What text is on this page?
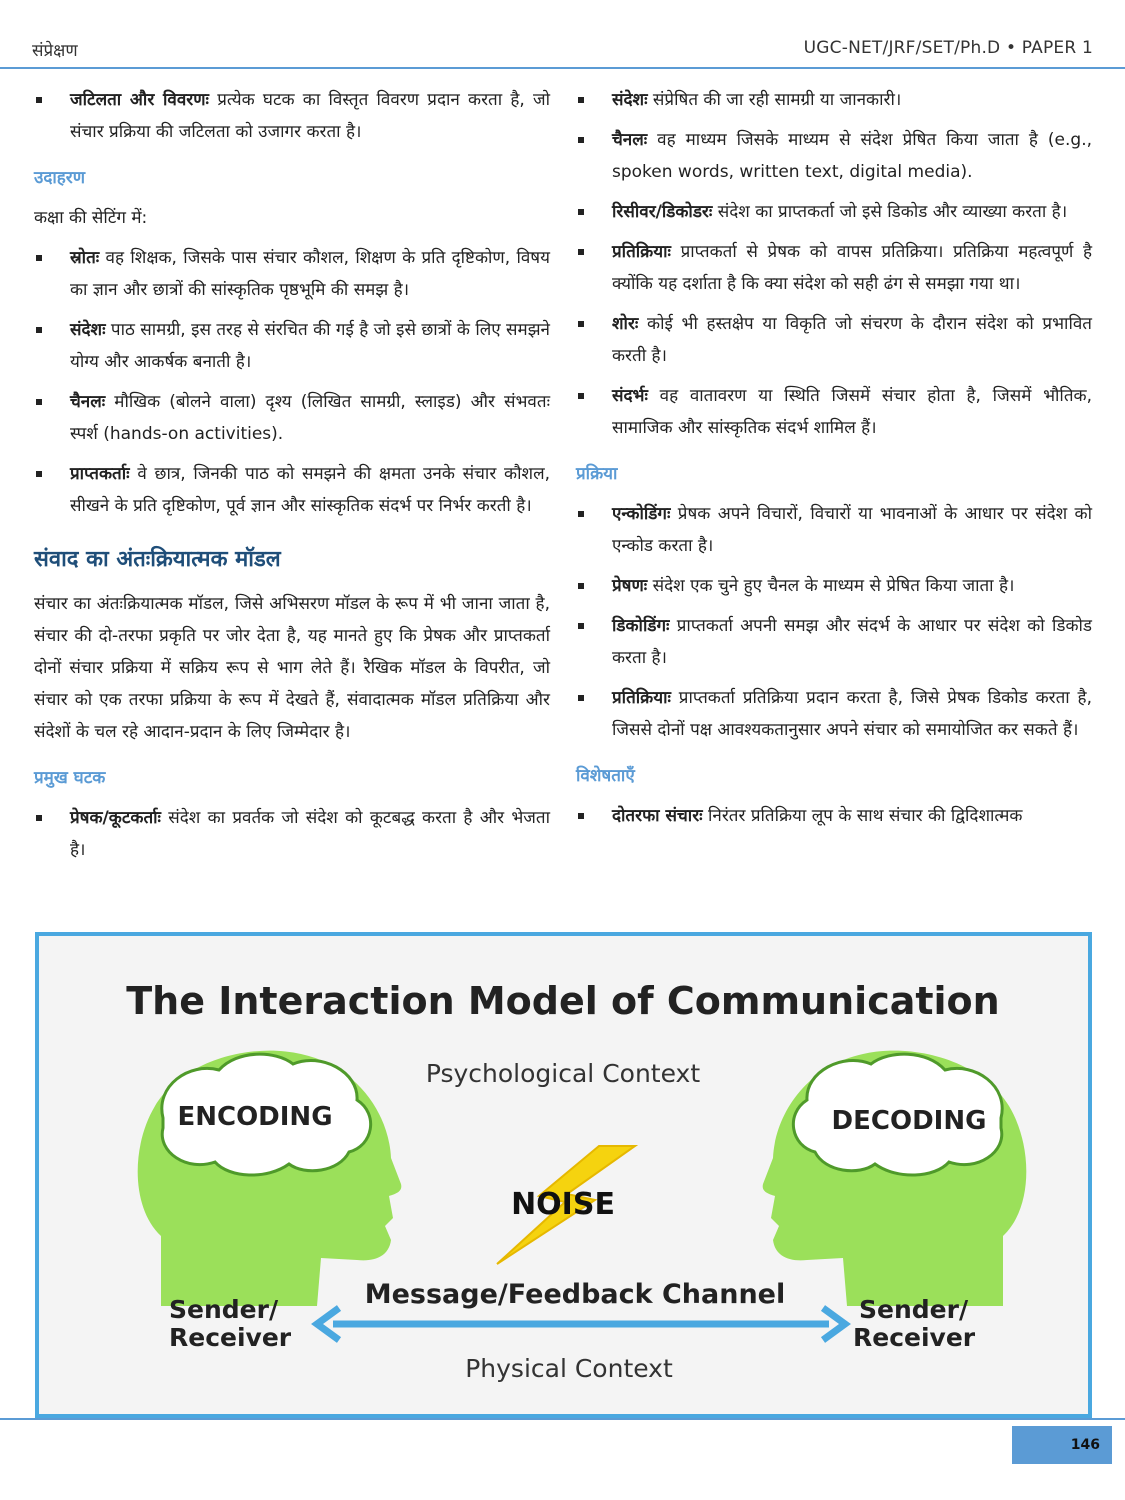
संप्रेक्षण	UGC-NET/JRF/SET/Ph.D • PAPER 1
जटिलता और विवरणः प्रत्येक घटक का विस्तृत विवरण प्रदान करता है, जो संचार प्रक्रिया की जटिलता को उजागर करता है।
उदाहरण
कक्षा की सेटिंग में:
स्रोतः वह शिक्षक, जिसके पास संचार कौशल, शिक्षण के प्रति दृष्टिकोण, विषय का ज्ञान और छात्रों की सांस्कृतिक पृष्ठभूमि की समझ है।
संदेशः पाठ सामग्री, इस तरह से संरचित की गई है जो इसे छात्रों के लिए समझने योग्य और आकर्षक बनाती है।
चैनलः मौखिक (बोलने वाला) दृश्य (लिखित सामग्री, स्लाइड) और संभवतः स्पर्श (hands-on activities).
प्राप्तकर्ताः वे छात्र, जिनकी पाठ को समझने की क्षमता उनके संचार कौशल, सीखने के प्रति दृष्टिकोण, पूर्व ज्ञान और सांस्कृतिक संदर्भ पर निर्भर करती है।
संवाद का अंतःक्रियात्मक मॉडल
संचार का अंतःक्रियात्मक मॉडल, जिसे अभिसरण मॉडल के रूप में भी जाना जाता है, संचार की दो-तरफा प्रकृति पर जोर देता है, यह मानते हुए कि प्रेषक और प्राप्तकर्ता दोनों संचार प्रक्रिया में सक्रिय रूप से भाग लेते हैं। रैखिक मॉडल के विपरीत, जो संचार को एक तरफा प्रक्रिया के रूप में देखते हैं, संवादात्मक मॉडल प्रतिक्रिया और संदेशों के चल रहे आदान-प्रदान के लिए जिम्मेदार है।
प्रमुख घटक
प्रेषक/कूटकर्ताः संदेश का प्रवर्तक जो संदेश को कूटबद्ध करता है और भेजता है।
संदेशः संप्रेषित की जा रही सामग्री या जानकारी।
चैनलः वह माध्यम जिसके माध्यम से संदेश प्रेषित किया जाता है (e.g., spoken words, written text, digital media).
रिसीवर/डिकोडरः संदेश का प्राप्तकर्ता जो इसे डिकोड और व्याख्या करता है।
प्रतिक्रियाः प्राप्तकर्ता से प्रेषक को वापस प्रतिक्रिया। प्रतिक्रिया महत्वपूर्ण है क्योंकि यह दर्शाता है कि क्या संदेश को सही ढंग से समझा गया था।
शोरः कोई भी हस्तक्षेप या विकृति जो संचरण के दौरान संदेश को प्रभावित करती है।
संदर्भः वह वातावरण या स्थिति जिसमें संचार होता है, जिसमें भौतिक, सामाजिक और सांस्कृतिक संदर्भ शामिल हैं।
प्रक्रिया
एन्कोडिंगः प्रेषक अपने विचारों, विचारों या भावनाओं के आधार पर संदेश को एन्कोड करता है।
प्रेषणः संदेश एक चुने हुए चैनल के माध्यम से प्रेषित किया जाता है।
डिकोडिंगः प्राप्तकर्ता अपनी समझ और संदर्भ के आधार पर संदेश को डिकोड करता है।
प्रतिक्रियाः प्राप्तकर्ता प्रतिक्रिया प्रदान करता है, जिसे प्रेषक डिकोड करता है, जिससे दोनों पक्ष आवश्यकतानुसार अपने संचार को समायोजित कर सकते हैं।
विशेषताएँ
दोतरफा संचारः निरंतर प्रतिक्रिया लूप के साथ संचार की द्विदिशात्मक
The Interaction Model of Communication
Psychological Context
ENCODING	DECODING
NOISE
Message/Feedback Channel
Sender/
Receiver
Sender/
Receiver
Physical Context
146
